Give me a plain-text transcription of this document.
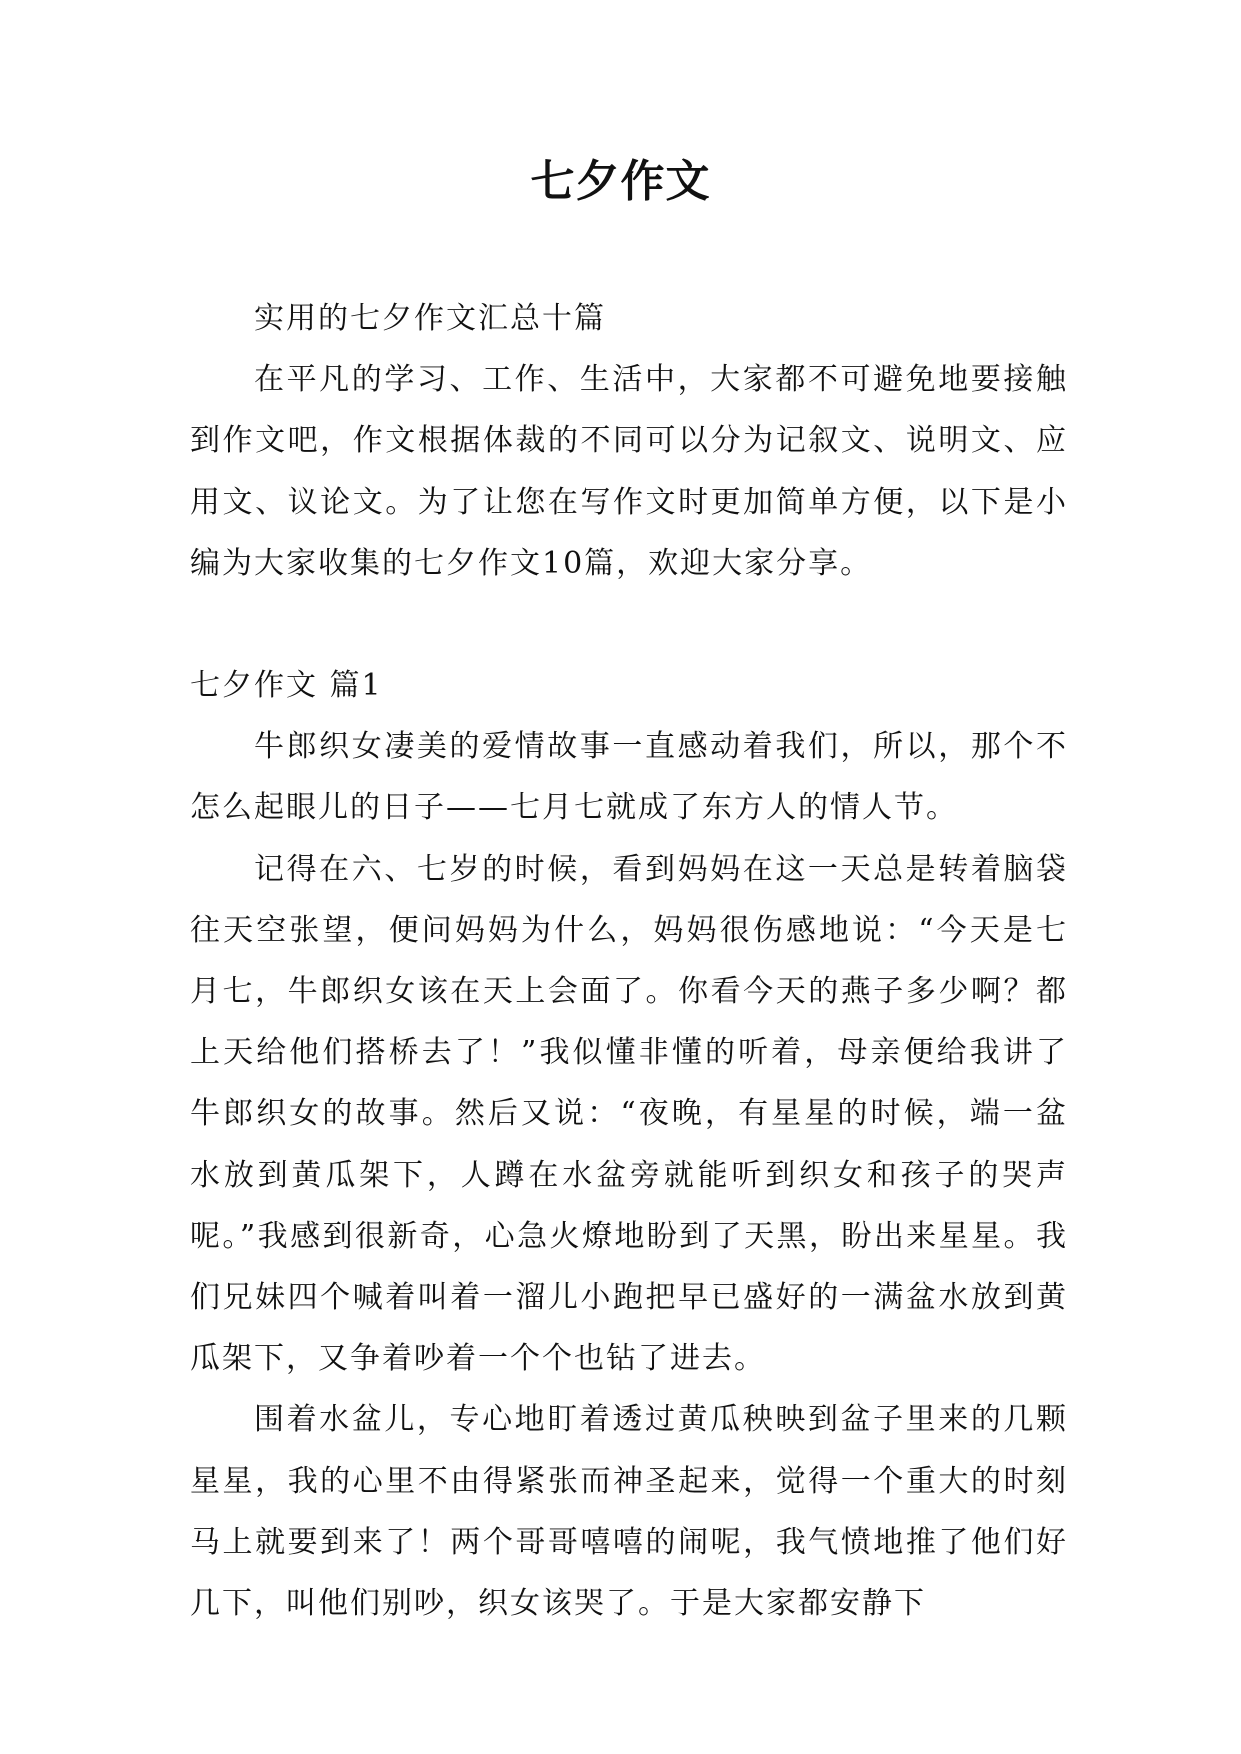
七夕作文

实用的七夕作文汇总十篇

在平凡的学习、工作、生活中，大家都不可避免地要接触到作文吧，作文根据体裁的不同可以分为记叙文、说明文、应用文、议论文。为了让您在写作文时更加简单方便，以下是小编为大家收集的七夕作文10篇，欢迎大家分享。

七夕作文 篇1

牛郎织女凄美的爱情故事一直感动着我们，所以，那个不怎么起眼儿的日子——七月七就成了东方人的情人节。

记得在六、七岁的时候，看到妈妈在这一天总是转着脑袋往天空张望，便问妈妈为什么，妈妈很伤感地说：“今天是七月七，牛郎织女该在天上会面了。你看今天的燕子多少啊？都上天给他们搭桥去了！”我似懂非懂的听着，母亲便给我讲了牛郎织女的故事。然后又说：“夜晚，有星星的时候，端一盆水放到黄瓜架下，人蹲在水盆旁就能听到织女和孩子的哭声呢。”我感到很新奇，心急火燎地盼到了天黑，盼出来星星。我们兄妹四个喊着叫着一溜儿小跑把早已盛好的一满盆水放到黄瓜架下，又争着吵着一个个也钻了进去。

围着水盆儿，专心地盯着透过黄瓜秧映到盆子里来的几颗星星，我的心里不由得紧张而神圣起来，觉得一个重大的时刻马上就要到来了！两个哥哥嘻嘻的闹呢，我气愤地推了他们好几下，叫他们别吵，织女该哭了。于是大家都安静下
